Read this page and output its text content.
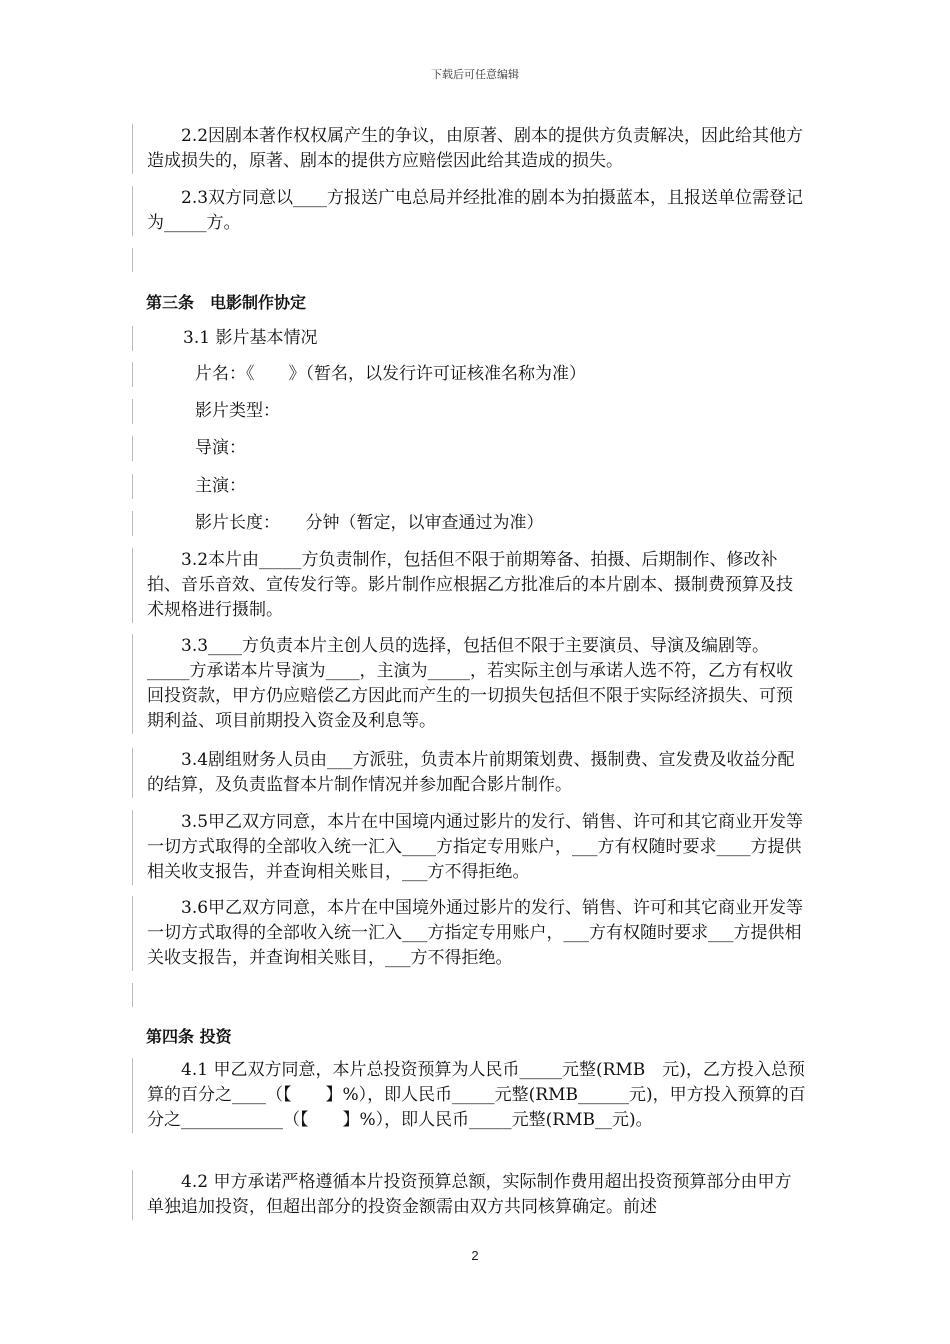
下载后可任意编辑

2.2因剧本著作权权属产生的争议，由原著、剧本的提供方负责解决，因此给其他方造成损失的，原著、剧本的提供方应赔偿因此给其造成的损失。

2.3双方同意以____方报送广电总局并经批准的剧本为拍摄蓝本，且报送单位需登记为_____方。

第三条　电影制作协定

3.1 影片基本情况

片名：《　　》（暂名，以发行许可证核准名称为准）

影片类型：

导演：

主演：

影片长度：　　分钟（暂定，以审查通过为准）

3.2本片由_____方负责制作，包括但不限于前期筹备、拍摄、后期制作、修改补拍、音乐音效、宣传发行等。影片制作应根据乙方批准后的本片剧本、摄制费预算及技术规格进行摄制。

3.3____方负责本片主创人员的选择，包括但不限于主要演员、导演及编剧等。_____方承诺本片导演为____，主演为_____，若实际主创与承诺人选不符，乙方有权收回投资款，甲方仍应赔偿乙方因此而产生的一切损失包括但不限于实际经济损失、可预期利益、项目前期投入资金及利息等。

3.4剧组财务人员由___方派驻，负责本片前期策划费、摄制费、宣发费及收益分配的结算，及负责监督本片制作情况并参加配合影片制作。

3.5甲乙双方同意，本片在中国境内通过影片的发行、销售、许可和其它商业开发等一切方式取得的全部收入统一汇入____方指定专用账户，___方有权随时要求____方提供相关收支报告，并查询相关账目，___方不得拒绝。

3.6甲乙双方同意，本片在中国境外通过影片的发行、销售、许可和其它商业开发等一切方式取得的全部收入统一汇入___方指定专用账户，___方有权随时要求___方提供相关收支报告，并查询相关账目，___方不得拒绝。

第四条 投资

4.1 甲乙双方同意，本片总投资预算为人民币_____元整(RMB　元)，乙方投入总预算的百分之____（【　　】%），即人民币_____元整(RMB______元)，甲方投入预算的百分之____________（【　　】%），即人民币_____元整(RMB__元)。

4.2 甲方承诺严格遵循本片投资预算总额，实际制作费用超出投资预算部分由甲方单独追加投资，但超出部分的投资金额需由双方共同核算确定。前述

2
